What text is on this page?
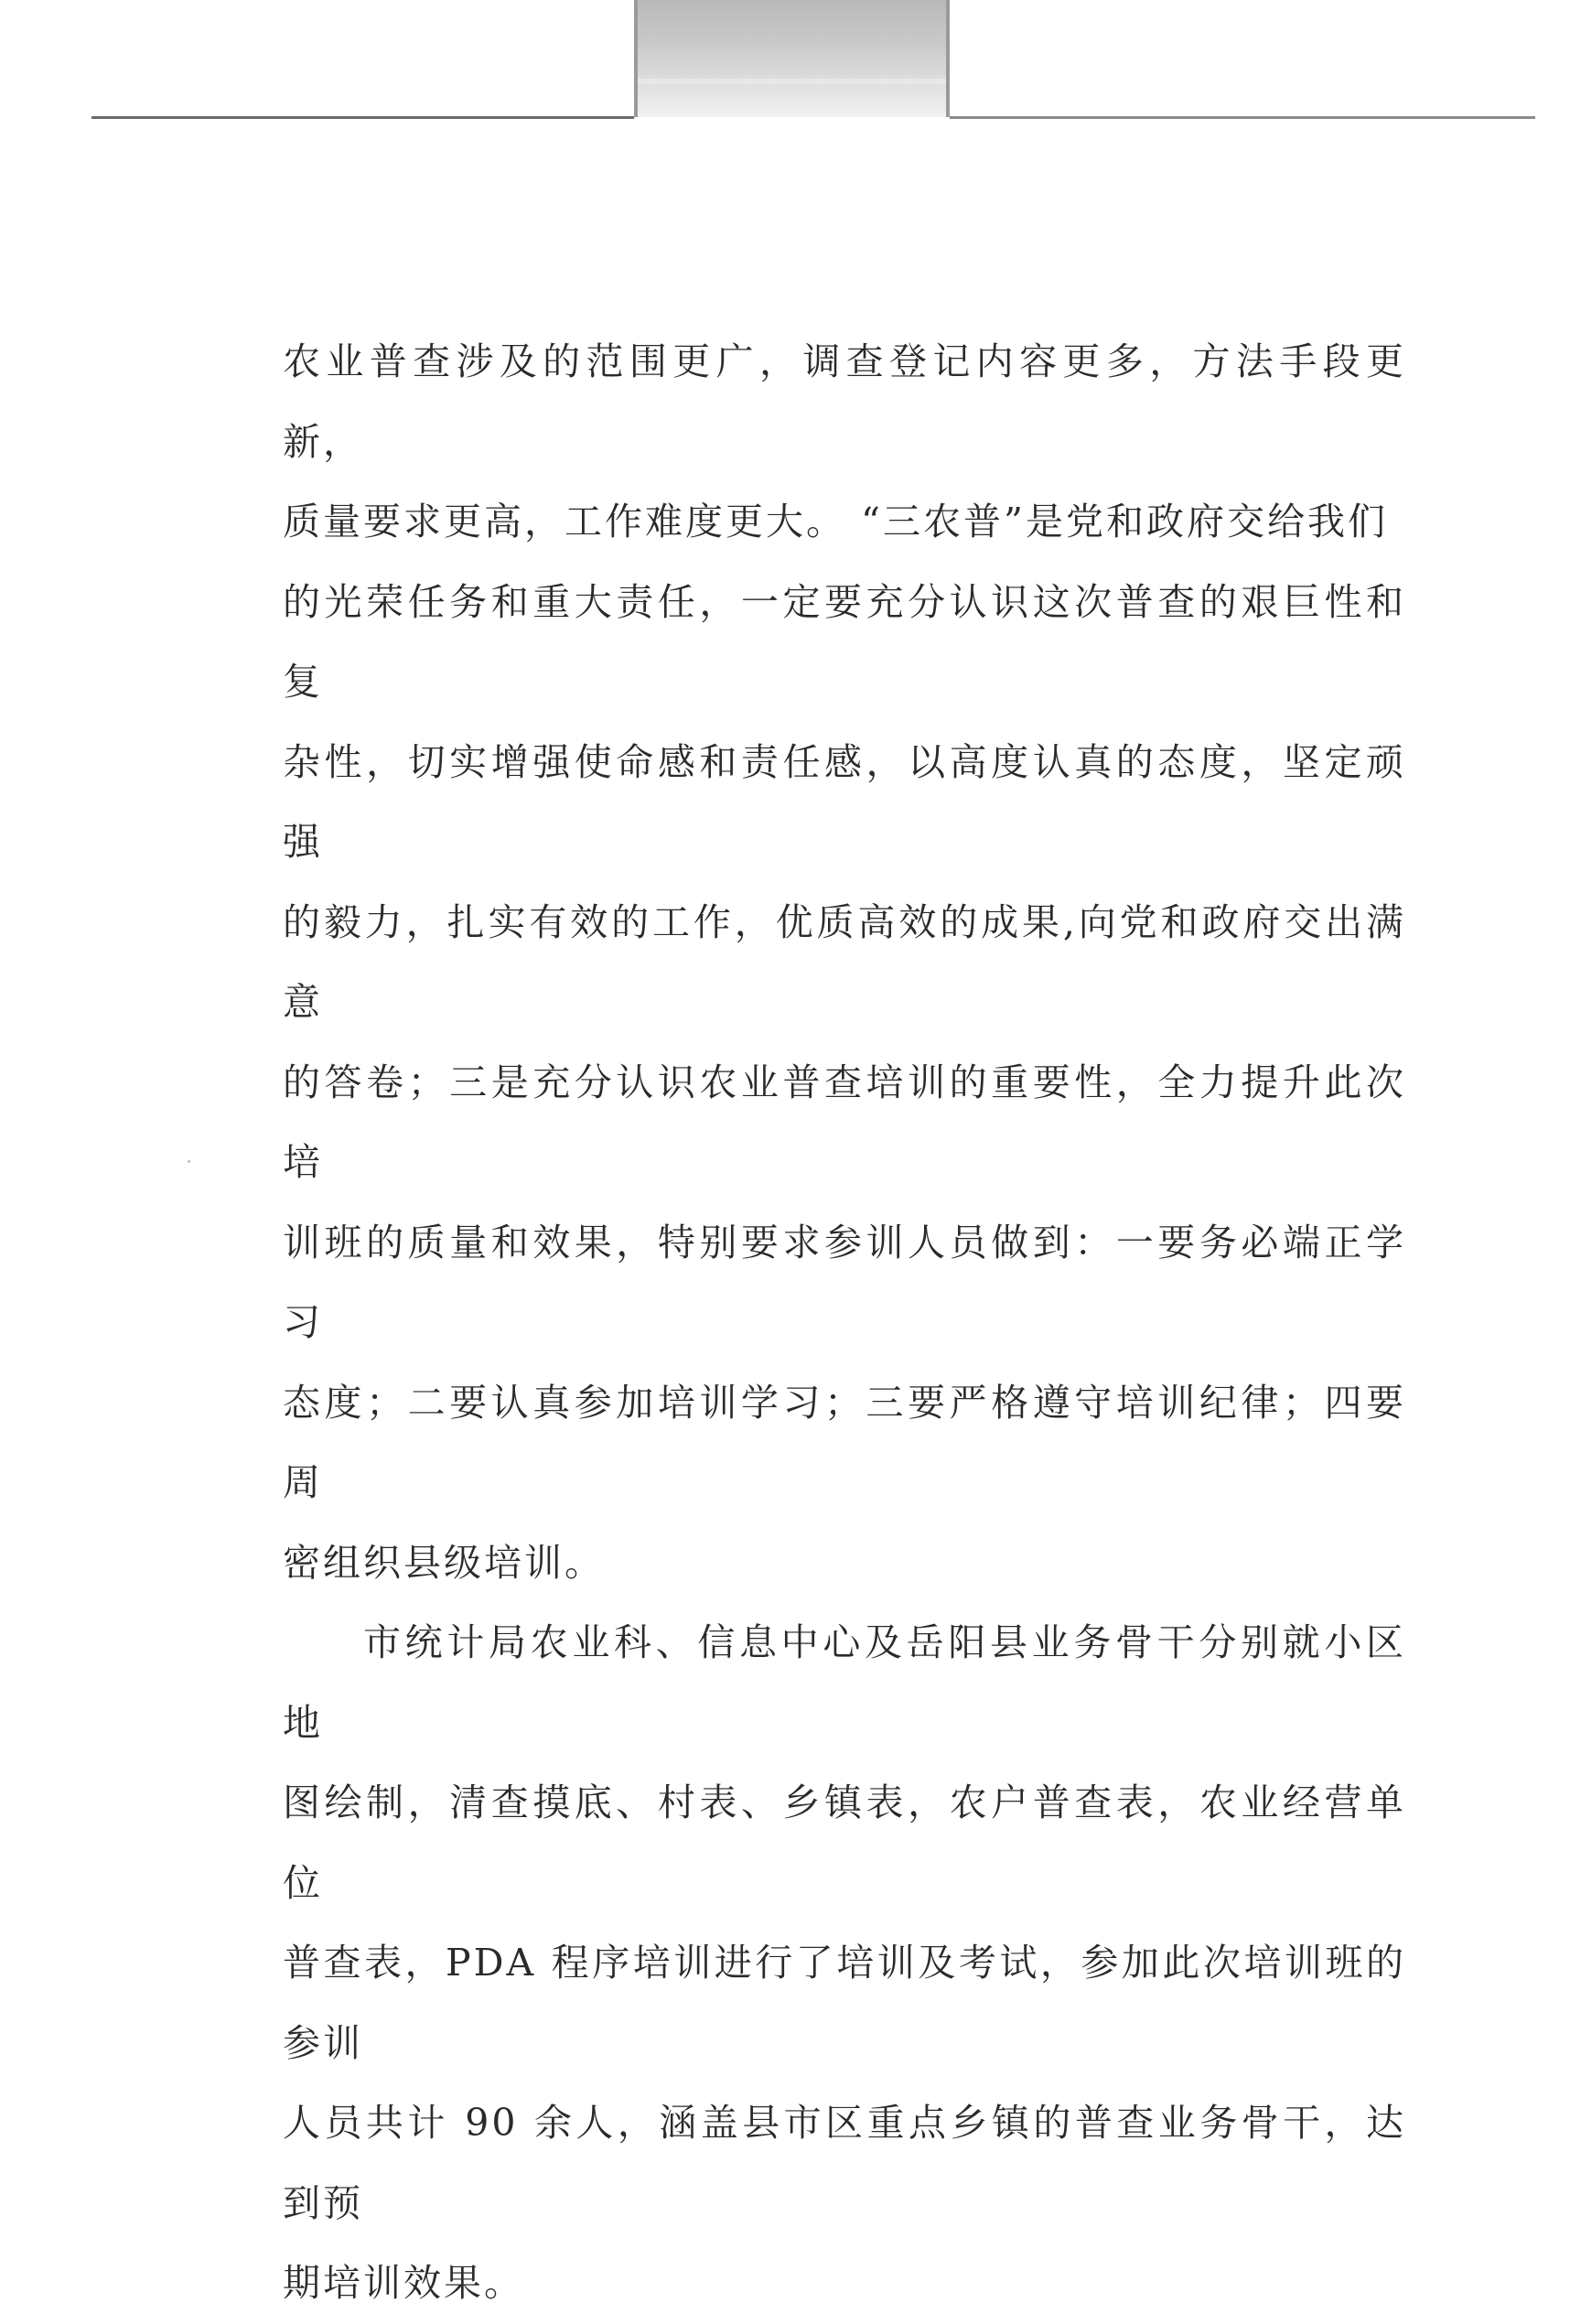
农业普查涉及的范围更广，调查登记内容更多，方法手段更新，
质量要求更高，工作难度更大。 “三农普”是党和政府交给我们
的光荣任务和重大责任，一定要充分认识这次普查的艰巨性和复
杂性，切实增强使命感和责任感，以高度认真的态度，坚定顽强
的毅力，扎实有效的工作，优质高效的成果,向党和政府交出满意
的答卷；三是充分认识农业普查培训的重要性，全力提升此次培
训班的质量和效果，特别要求参训人员做到：一要务必端正学习
态度；二要认真参加培训学习；三要严格遵守培训纪律；四要周
密组织县级培训。

市统计局农业科、信息中心及岳阳县业务骨干分别就小区地
图绘制，清查摸底、村表、乡镇表，农户普查表，农业经营单位
普查表，PDA 程序培训进行了培训及考试，参加此次培训班的参训
人员共计 90 余人，涵盖县市区重点乡镇的普查业务骨干，达到预
期培训效果。
